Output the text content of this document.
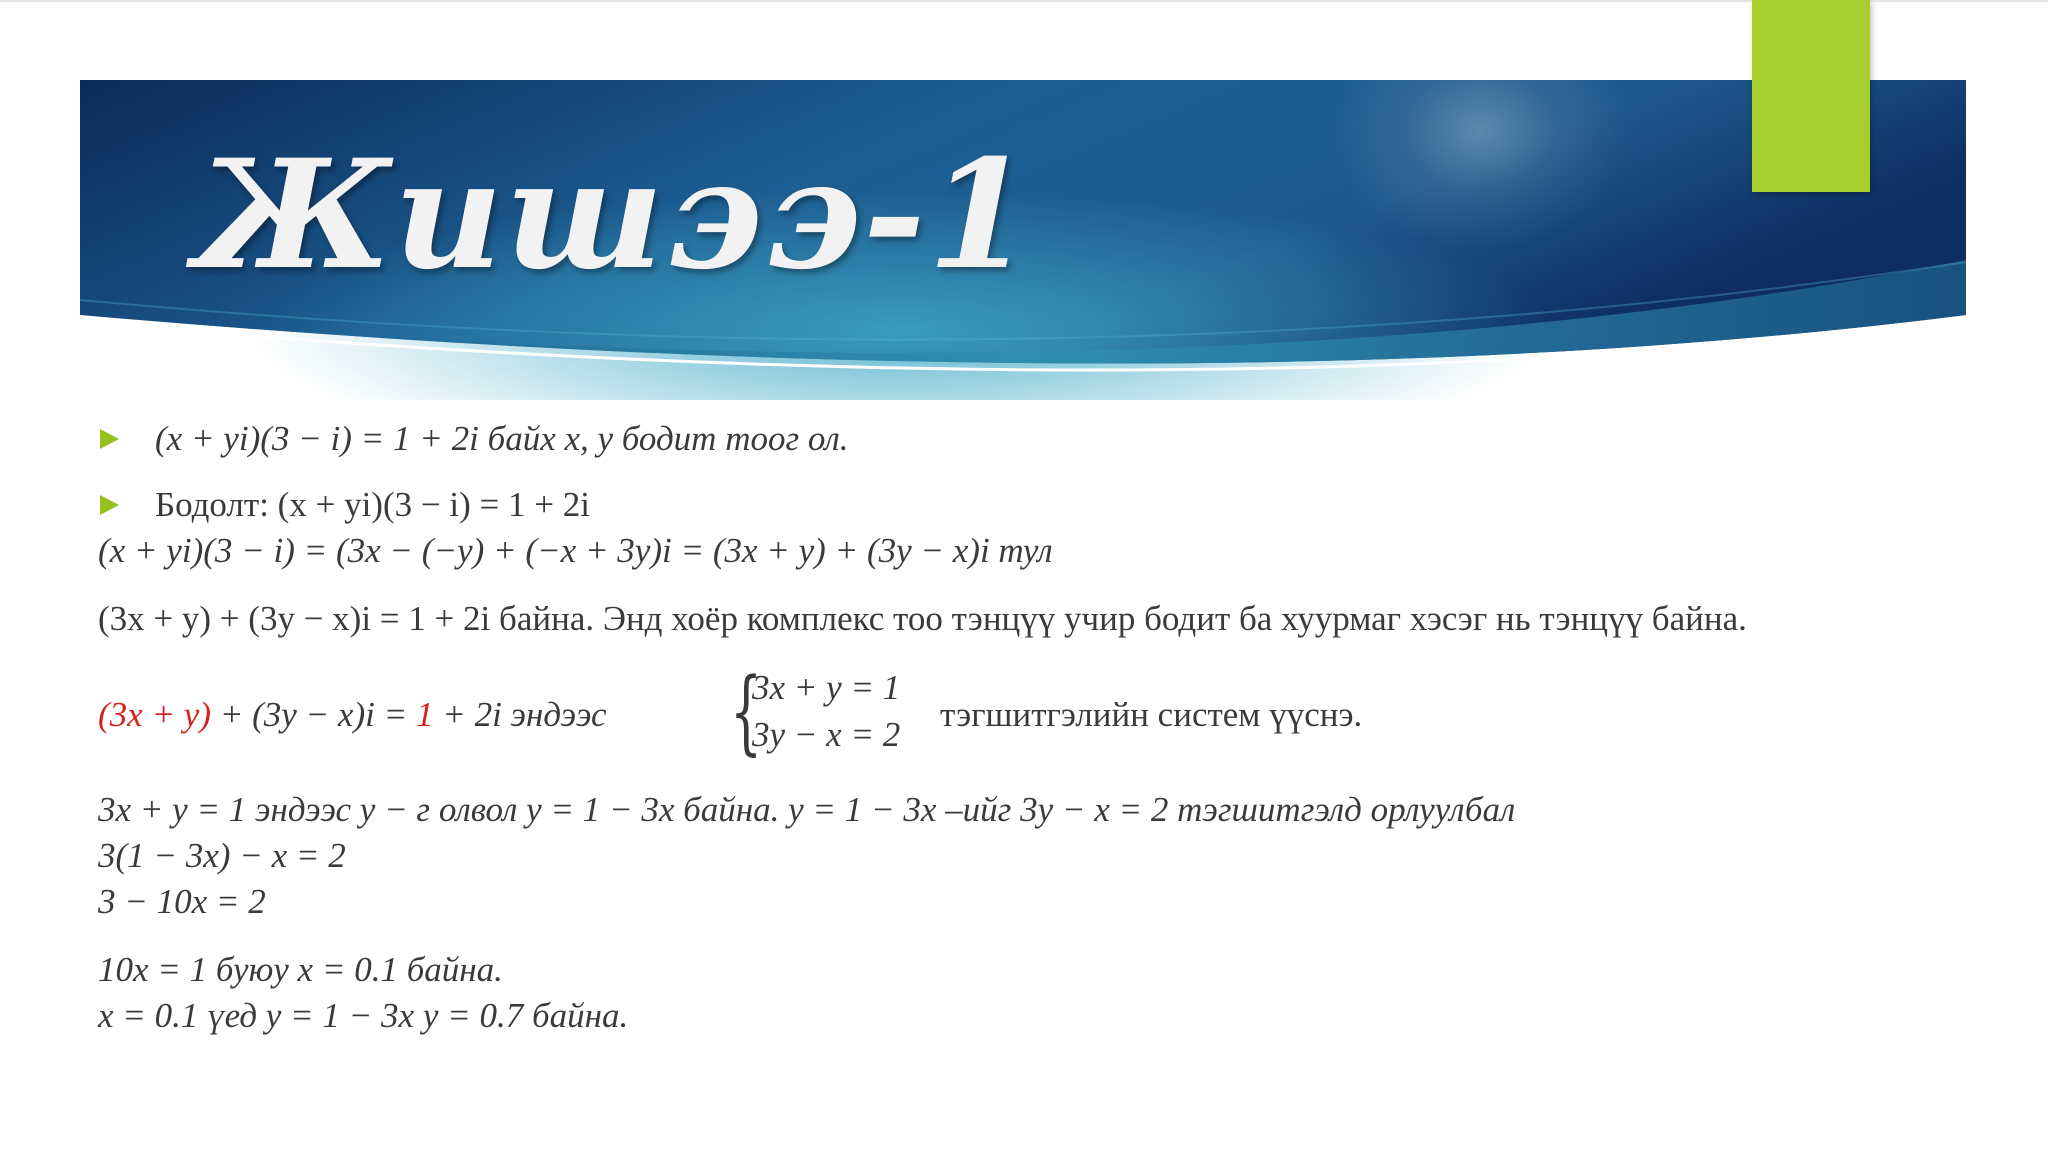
Жишээ-1
(x + yi)(3 − i) = 1 + 2i байх x, y бодит тоог ол.
Бодолт: (x + yi)(3 − i) = 1 + 2i
(x + yi)(3 − i) = (3x − (−y) + (−x + 3y)i = (3x + y) + (3y − x)i тул
(3x + y) + (3y − x)i = 1 + 2i байна. Энд хоёр комплекс тоо тэнцүү учир бодит ба хуурмаг хэсэг нь тэнцүү байна.
(3x + y) + (3y − x)i = 1 + 2i эндээс {
3x + y = 1
3y − x = 2
тэгшитгэлийн систем үүснэ.
3x + y = 1 эндээс y − г олвол y = 1 − 3x байна. y = 1 − 3x –ийг 3y − x = 2 тэгшитгэлд орлуулбал
3(1 − 3x) − x = 2
3 − 10x = 2
10x = 1 буюу x = 0.1 байна.
x = 0.1 үед y = 1 − 3x y = 0.7 байна.
